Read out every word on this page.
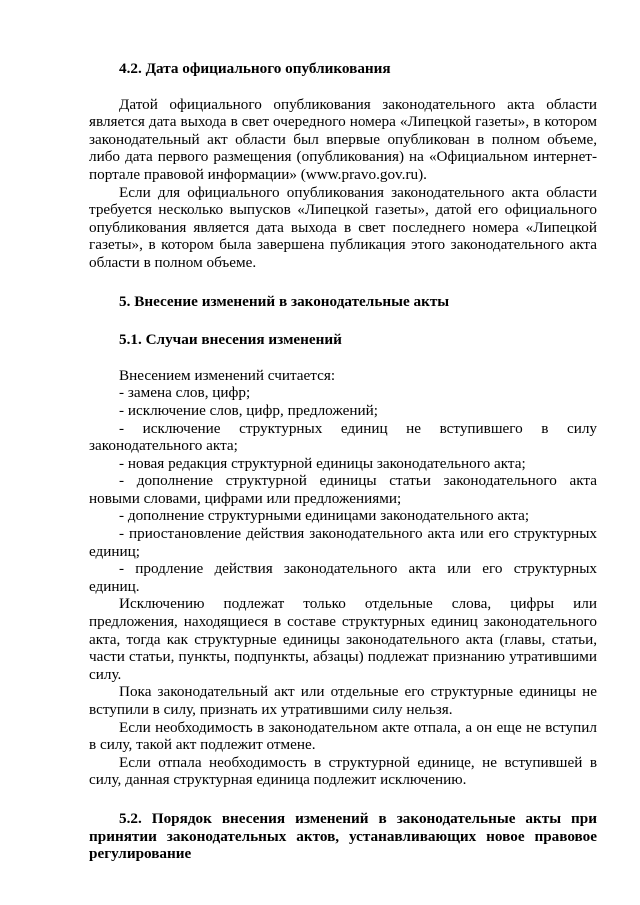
4.2. Дата официального опубликования

Датой официального опубликования законодательного акта области является дата выхода в свет очередного номера «Липецкой газеты», в котором законодательный акт области был впервые опубликован в полном объеме, либо дата первого размещения (опубликования) на «Официальном интернет-портале правовой информации» (www.pravo.gov.ru).

Если для официального опубликования законодательного акта области требуется несколько выпусков «Липецкой газеты», датой его официального опубликования является дата выхода в свет последнего номера «Липецкой газеты», в котором была завершена публикация этого законодательного акта области в полном объеме.

5. Внесение изменений в законодательные акты
5.1. Случаи внесения изменений

Внесением изменений считается:

- замена слов, цифр;

- исключение слов, цифр, предложений;

- исключение структурных единиц не вступившего в силу законодательного акта;

- новая редакция структурной единицы законодательного акта;

- дополнение структурной единицы статьи законодательного акта новыми словами, цифрами или предложениями;

- дополнение структурными единицами законодательного акта;

- приостановление действия законодательного акта или его структурных единиц;

- продление действия законодательного акта или его структурных единиц.

Исключению подлежат только отдельные слова, цифры или предложения, находящиеся в составе структурных единиц законодательного акта, тогда как структурные единицы законодательного акта (главы, статьи, части статьи, пункты, подпункты, абзацы) подлежат признанию утратившими силу.

Пока законодательный акт или отдельные его структурные единицы не вступили в силу, признать их утратившими силу нельзя.

Если необходимость в законодательном акте отпала, а он еще не вступил в силу, такой акт подлежит отмене.

Если отпала необходимость в структурной единице, не вступившей в силу, данная структурная единица подлежит исключению.

5.2. Порядок внесения изменений в законодательные акты при принятии законодательных актов, устанавливающих новое правовое регулирование
